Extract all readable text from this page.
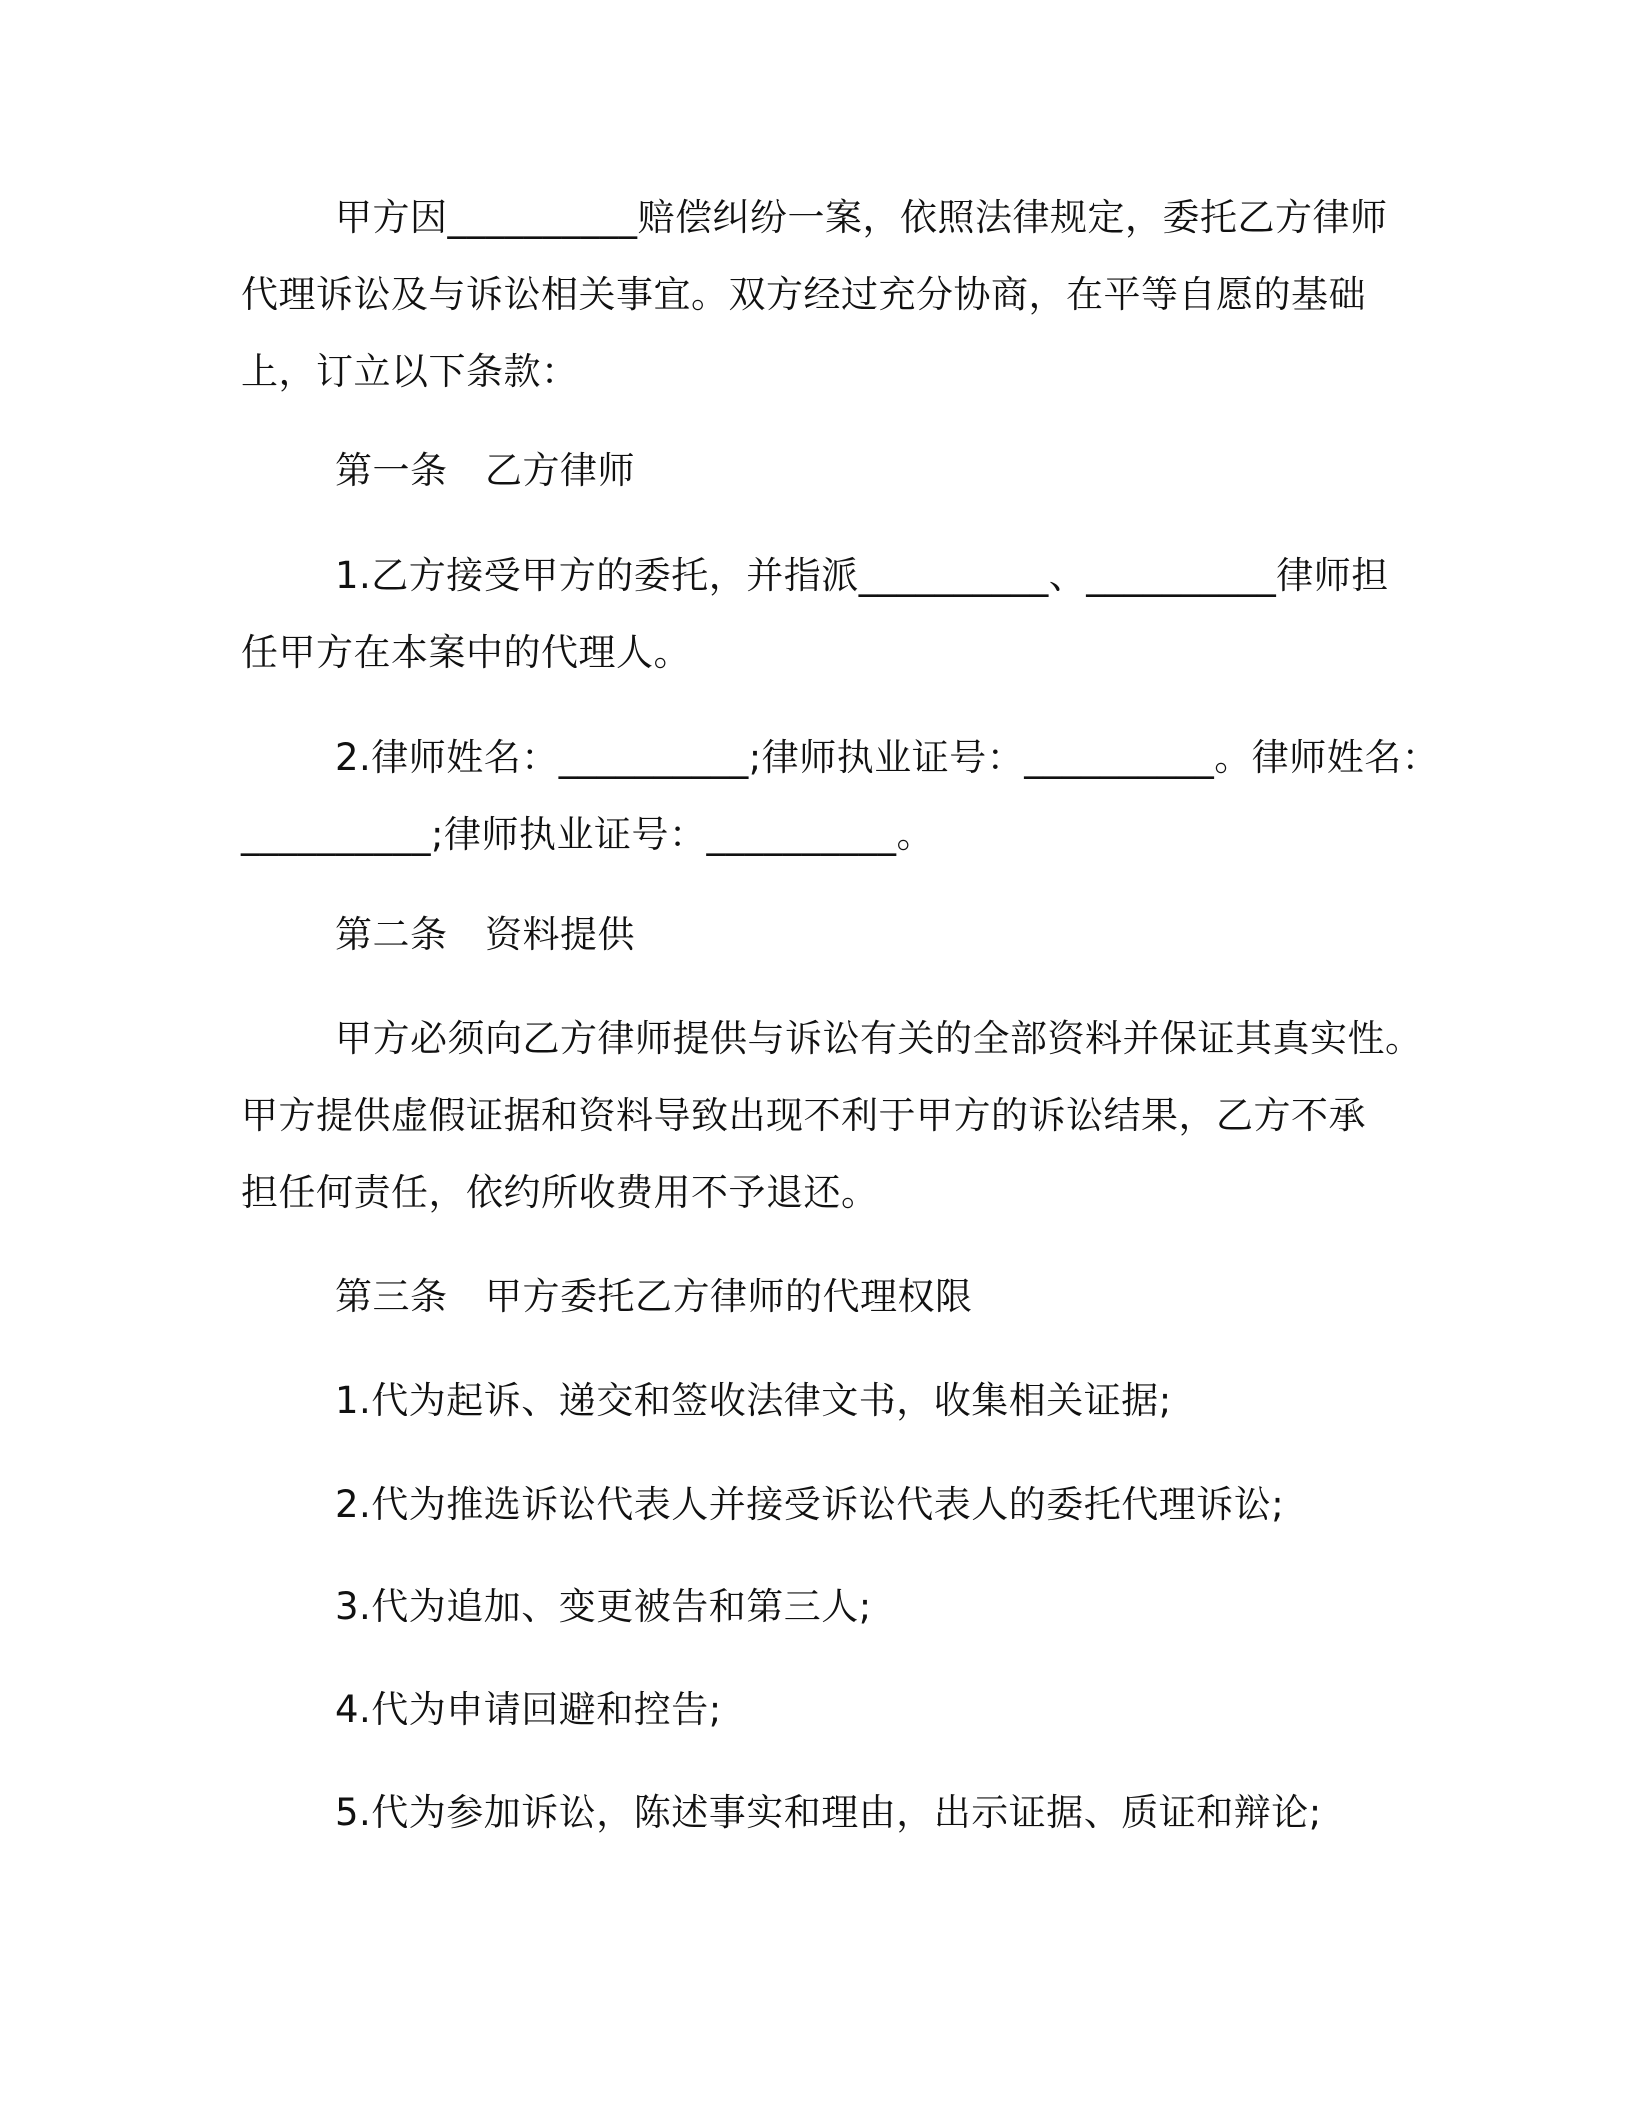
甲方因__________赔偿纠纷一案，依照法律规定，委托乙方律师
代理诉讼及与诉讼相关事宜。双方经过充分协商，在平等自愿的基础
上，订立以下条款：
第一条　乙方律师
1.乙方接受甲方的委托，并指派__________、__________律师担
任甲方在本案中的代理人。
2.律师姓名：__________;律师执业证号：__________。律师姓名：
__________;律师执业证号：__________。
第二条　资料提供
甲方必须向乙方律师提供与诉讼有关的全部资料并保证其真实性。
甲方提供虚假证据和资料导致出现不利于甲方的诉讼结果，乙方不承
担任何责任，依约所收费用不予退还。
第三条　甲方委托乙方律师的代理权限
1.代为起诉、递交和签收法律文书，收集相关证据;
2.代为推选诉讼代表人并接受诉讼代表人的委托代理诉讼;
3.代为追加、变更被告和第三人;
4.代为申请回避和控告;
5.代为参加诉讼，陈述事实和理由，出示证据、质证和辩论;
